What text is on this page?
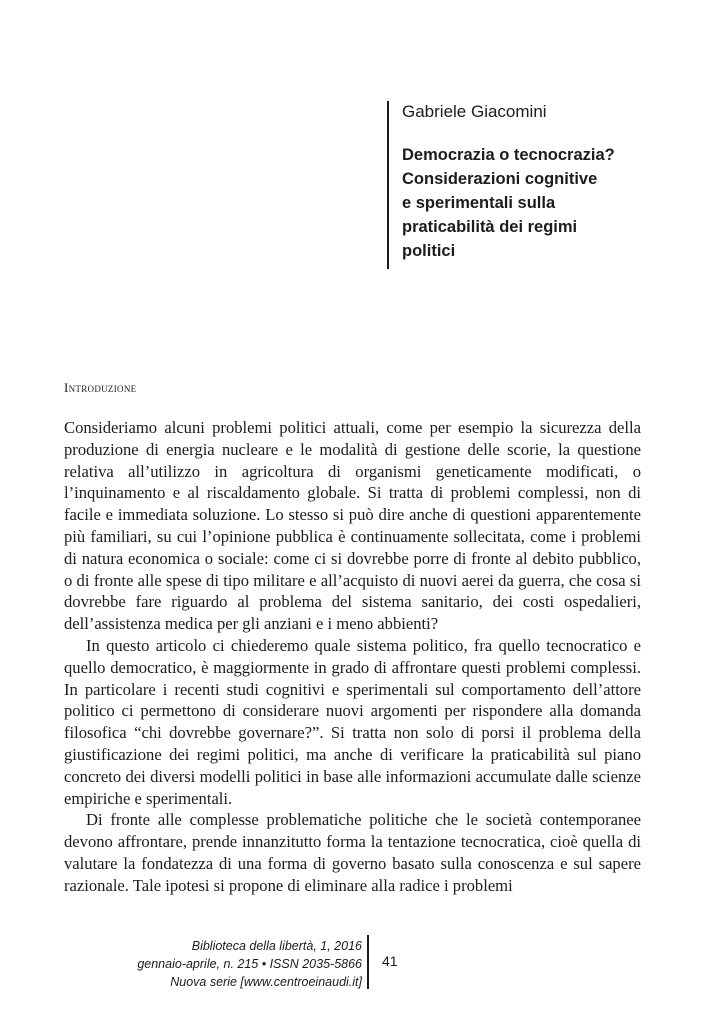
Gabriele Giacomini
Democrazia o tecnocrazia?
Considerazioni cognitive
e sperimentali sulla
praticabilità dei regimi
politici
Introduzione

Consideriamo alcuni problemi politici attuali, come per esempio la sicurezza della produzione di energia nucleare e le modalità di gestione delle scorie, la questione relativa all’utilizzo in agricoltura di organismi geneticamente modificati, o l’inquinamento e al riscaldamento globale. Si tratta di problemi complessi, non di facile e immediata soluzione. Lo stesso si può dire anche di questioni apparentemente più familiari, su cui l’opinione pubblica è continuamente sollecitata, come i problemi di natura economica o sociale: come ci si dovrebbe porre di fronte al debito pubblico, o di fronte alle spese di tipo militare e all’acquisto di nuovi aerei da guerra, che cosa si dovrebbe fare riguardo al problema del sistema sanitario, dei costi ospedalieri, dell’assistenza medica per gli anziani e i meno abbienti?

In questo articolo ci chiederemo quale sistema politico, fra quello tecnocratico e quello democratico, è maggiormente in grado di affrontare questi problemi complessi. In particolare i recenti studi cognitivi e sperimentali sul comportamento dell’attore politico ci permettono di considerare nuovi argomenti per rispondere alla domanda filosofica “chi dovrebbe governare?”. Si tratta non solo di porsi il problema della giustificazione dei regimi politici, ma anche di verificare la praticabilità sul piano concreto dei diversi modelli politici in base alle informazioni accumulate dalle scienze empiriche e sperimentali.

Di fronte alle complesse problematiche politiche che le società contemporanee devono affrontare, prende innanzitutto forma la tentazione tecnocratica, cioè quella di valutare la fondatezza di una forma di governo basato sulla conoscenza e sul sapere razionale. Tale ipotesi si propone di eliminare alla radice i problemi

Biblioteca della libertà, 1, 2016
gennaio-aprile, n. 215 • ISSN 2035-5866
Nuova serie [www.centroeinaudi.it]
41
